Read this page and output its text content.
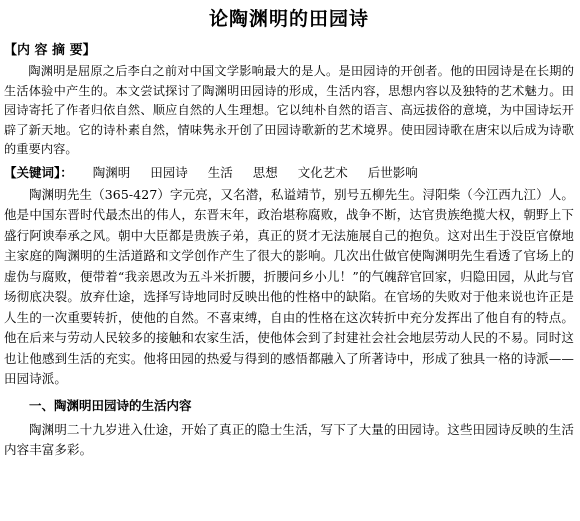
论陶渊明的田园诗
【内 容 摘 要】

陶渊明是屈原之后李白之前对中国文学影响最大的是人。是田园诗的开创者。他的田园诗是在长期的生活体验中产生的。本文尝试探讨了陶渊明田园诗的形成，生活内容，思想内容以及独特的艺术魅力。田园诗寄托了作者归依自然、顺应自然的人生理想。它以纯朴自然的语言、高远拔俗的意境，为中国诗坛开辟了新天地。它的诗朴素自然，情味隽永开创了田园诗歌新的艺术境界。使田园诗歌在唐宋以后成为诗歌的重要内容。

【关键词】： 陶渊明 田园诗 生活 思想 文化艺术 后世影响

陶渊明先生（365-427）字元亮，又名潜，私谥靖节，别号五柳先生。浔阳柴（今江西九江）人。他是中国东晋时代最杰出的伟人，东晋末年，政治堪称腐败，战争不断，达官贵族绝揽大权，朝野上下盛行阿谀奉承之风。朝中大臣都是贵族子弟，真正的贤才无法施展自己的抱负。这对出生于没臣官僚地主家庭的陶渊明的生活道路和文学创作产生了很大的影响。几次出仕做官使陶渊明先生看透了官场上的虚伪与腐败，便带着“我亲恩改为五斗米折腰，折腰问乡小儿！”的气魄辞官回家，归隐田园，从此与官场彻底决裂。放弃仕途，选择写诗地同时反映出他的性格中的缺陷。在官场的失败对于他来说也许正是人生的一次重要转折，使他的自然。不喜束缚，自由的性格在这次转折中充分发挥出了他自有的特点。他在后来与劳动人民较多的接触和农家生活，使他体会到了封建社会社会地层劳动人民的不易。同时这也让他感到生活的充实。他将田园的热爱与得到的感悟都融入了所著诗中，形成了独具一格的诗派——田园诗派。

一、陶渊明田园诗的生活内容

陶渊明二十九岁进入仕途，开始了真正的隐士生活，写下了大量的田园诗。这些田园诗反映的生活内容丰富多彩。
